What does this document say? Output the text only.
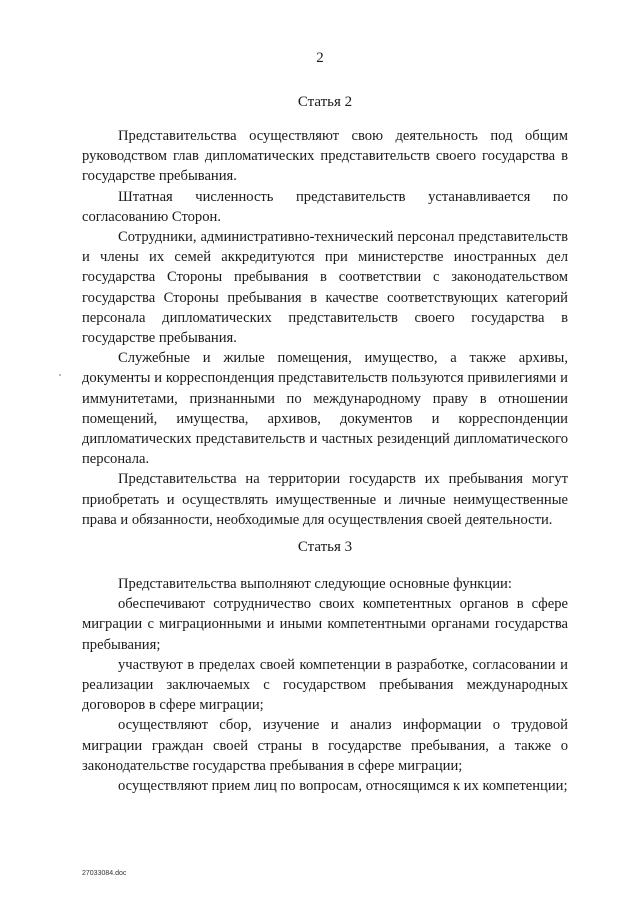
2
Статья 2

Представительства осуществляют свою деятельность под общим руководством глав дипломатических представительств своего государства в государстве пребывания.

Штатная численность представительств устанавливается по согласованию Сторон.

Сотрудники, административно-технический персонал представительств и члены их семей аккредитуются при министерстве иностранных дел государства Стороны пребывания в соответствии с законодательством государства Стороны пребывания в качестве соответствующих категорий персонала дипломатических представительств своего государства в государстве пребывания.

Служебные и жилые помещения, имущество, а также архивы, документы и корреспонденция представительств пользуются привилегиями и иммунитетами, признанными по международному праву в отношении помещений, имущества, архивов, документов и корреспонденции дипломатических представительств и частных резиденций дипломатического персонала.

Представительства на территории государств их пребывания могут приобретать и осуществлять имущественные и личные неимущественные права и обязанности, необходимые для осуществления своей деятельности.

Статья 3

Представительства выполняют следующие основные функции:

обеспечивают сотрудничество своих компетентных органов в сфере миграции с миграционными и иными компетентными органами государства пребывания;

участвуют в пределах своей компетенции в разработке, согласовании и реализации заключаемых с государством пребывания международных договоров в сфере миграции;

осуществляют сбор, изучение и анализ информации о трудовой миграции граждан своей страны в государстве пребывания, а также о законодательстве государства пребывания в сфере миграции;

осуществляют прием лиц по вопросам, относящимся к их компетенции;

27033084.doc
